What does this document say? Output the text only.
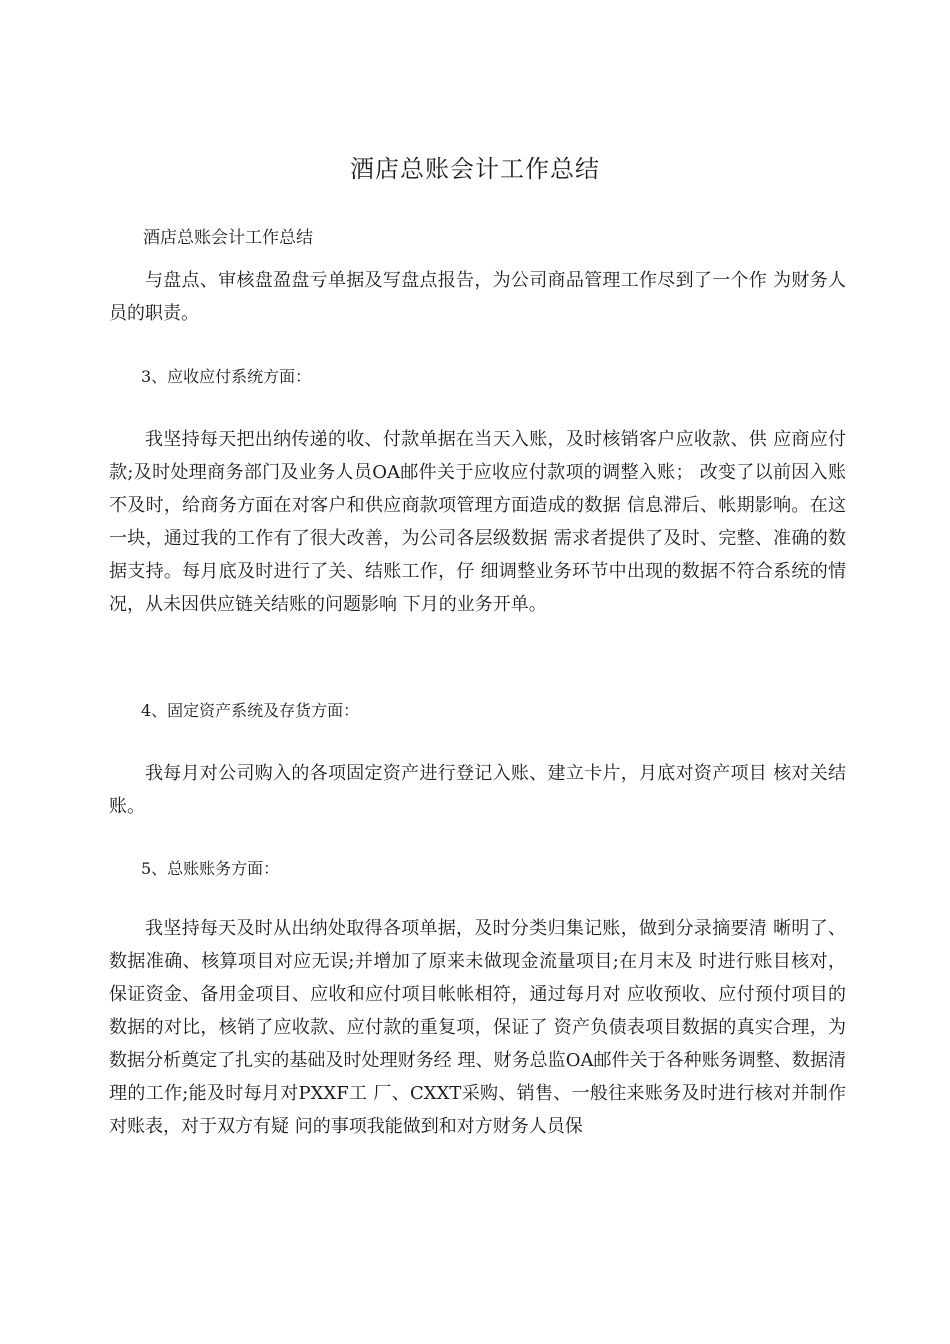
酒店总账会计工作总结

酒店总账会计工作总结

与盘点、审核盘盈盘亏单据及写盘点报告，为公司商品管理工作尽到了一个作 为财务人员的职责。

3、应收应付系统方面：

我坚持每天把出纳传递的收、付款单据在当天入账，及时核销客户应收款、供 应商应付款;及时处理商务部门及业务人员OA邮件关于应收应付款项的调整入账； 改变了以前因入账不及时，给商务方面在对客户和供应商款项管理方面造成的数据 信息滞后、帐期影响。在这一块，通过我的工作有了很大改善，为公司各层级数据 需求者提供了及时、完整、准确的数据支持。每月底及时进行了关、结账工作，仔 细调整业务环节中出现的数据不符合系统的情况，从未因供应链关结账的问题影响 下月的业务开单。

4、固定资产系统及存货方面：

我每月对公司购入的各项固定资产进行登记入账、建立卡片，月底对资产项目 核对关结账。

5、总账账务方面：

我坚持每天及时从出纳处取得各项单据，及时分类归集记账，做到分录摘要清 晰明了、数据准确、核算项目对应无误;并增加了原来未做现金流量项目;在月末及 时进行账目核对，保证资金、备用金项目、应收和应付项目帐帐相符，通过每月对 应收预收、应付预付项目的数据的对比，核销了应收款、应付款的重复项，保证了 资产负债表项目数据的真实合理，为数据分析奠定了扎实的基础及时处理财务经 理、财务总监OA邮件关于各种账务调整、数据清理的工作;能及时每月对PXXF工 厂、CXXT采购、销售、一般往来账务及时进行核对并制作对账表，对于双方有疑 问的事项我能做到和对方财务人员保
